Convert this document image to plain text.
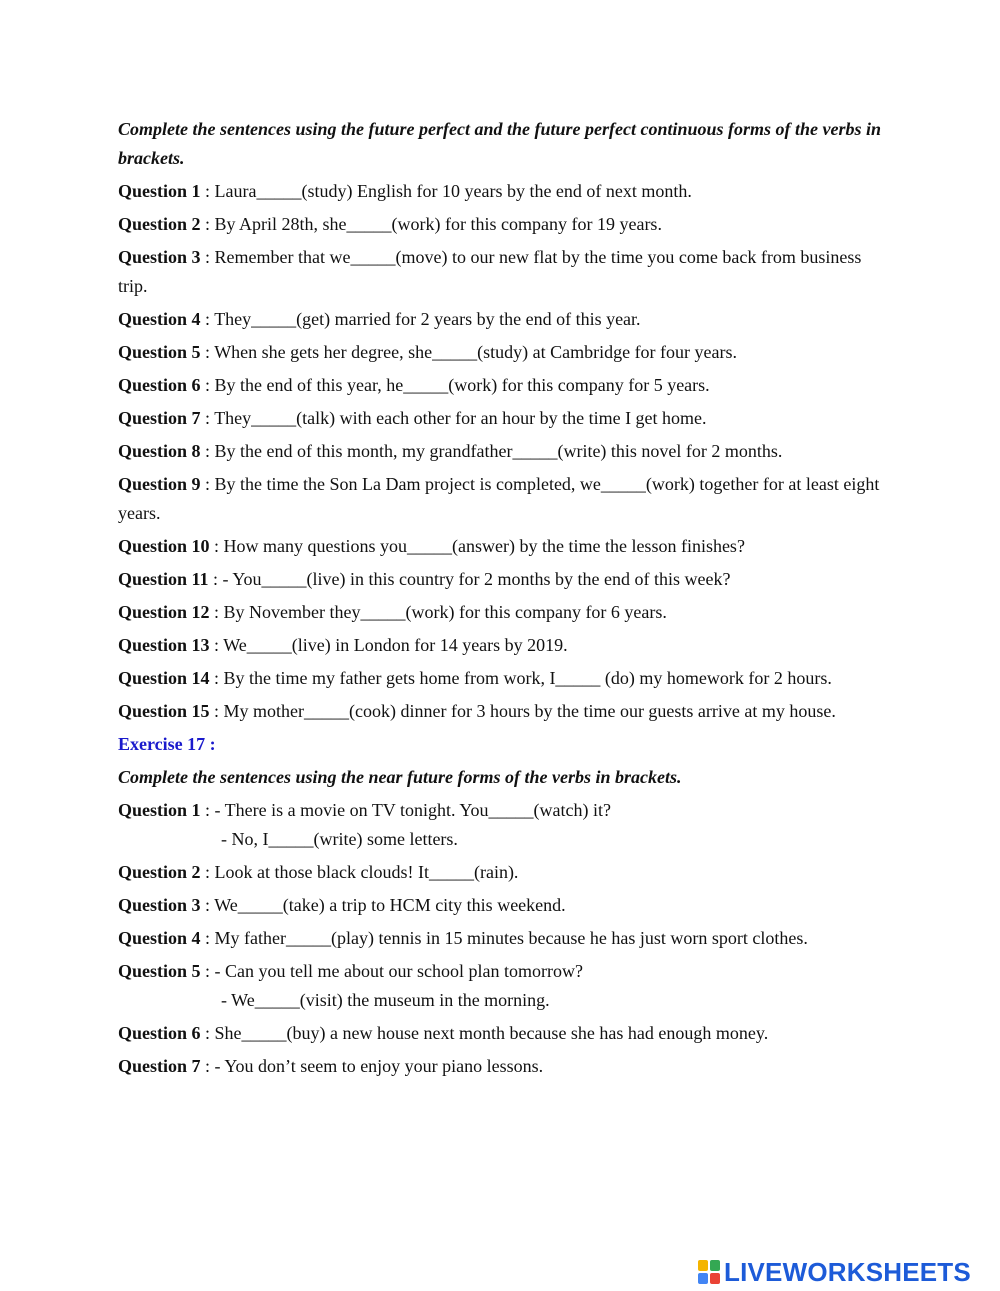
Complete the sentences using the future perfect and the future perfect continuous forms of the verbs in brackets.

Question 1 : Laura_____(study) English for 10 years by the end of next month.

Question 2 : By April 28th, she_____(work) for this company for 19 years.

Question 3 : Remember that we_____(move) to our new flat by the time you come back from business trip.

Question 4 : They_____(get) married for 2 years by the end of this year.

Question 5 : When she gets her degree, she_____(study) at Cambridge for four years.

Question 6 : By the end of this year, he_____(work) for this company for 5 years.

Question 7 : They_____(talk) with each other for an hour by the time I get home.

Question 8 : By the end of this month, my grandfather_____(write) this novel for 2 months.

Question 9 : By the time the Son La Dam project is completed, we_____(work) together for at least eight years.

Question 10 : How many questions you_____(answer) by the time the lesson finishes?

Question 11 : - You_____(live) in this country for 2 months by the end of this week?

Question 12 : By November they_____(work) for this company for 6 years.

Question 13 : We_____(live) in London for 14 years by 2019.

Question 14 : By the time my father gets home from work, I_____ (do) my homework for 2 hours.

Question 15 : My mother_____(cook) dinner for 3 hours by the time our guests arrive at my house.

Exercise 17 :

Complete the sentences using the near future forms of the verbs in brackets.

Question 1 : - There is a movie on TV tonight. You_____(watch) it?
- No, I_____(write) some letters.

Question 2 : Look at those black clouds! It_____(rain).

Question 3 : We_____(take) a trip to HCM city this weekend.

Question 4 : My father_____(play) tennis in 15 minutes because he has just worn sport clothes.

Question 5 : - Can you tell me about our school plan tomorrow?
- We_____(visit) the museum in the morning.

Question 6 : She_____(buy) a new house next month because she has had enough money.

Question 7 : - You don’t seem to enjoy your piano lessons.

LIVEWORKSHEETS
